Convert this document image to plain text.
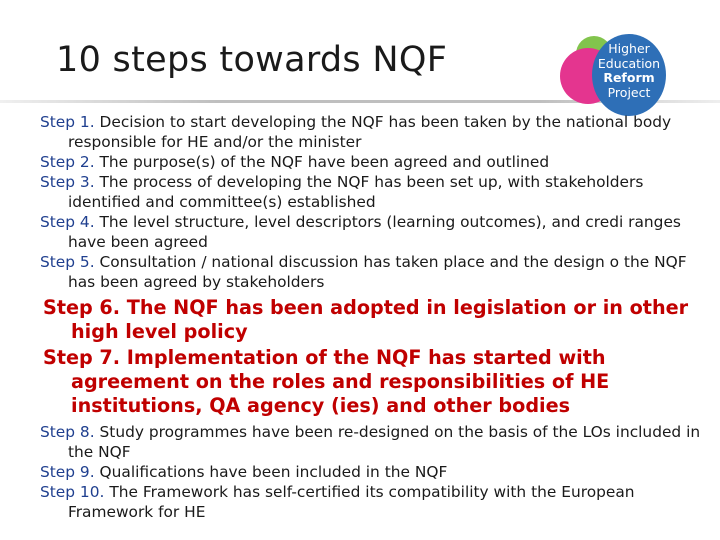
10 steps towards NQF	Higher
Education
Reform
Project

Step 1. Decision to start developing the NQF has been taken by the national body responsible for HE and/or the minister

Step 2. The purpose(s) of the NQF have been agreed and outlined

Step 3. The process of developing the NQF has been set up, with stakeholders identified and committee(s) established

Step 4. The level structure, level descriptors (learning outcomes), and credi ranges have been agreed

Step 5. Consultation / national discussion has taken place and the design o the NQF has been agreed by stakeholders

Step 6. The NQF has been adopted in legislation or in other high level policy

Step 7. Implementation of the NQF has started with agreement on the roles and responsibilities of HE institutions, QA agency (ies) and other bodies

Step 8. Study programmes have been re-designed on the basis of the LOs included in the NQF

Step 9. Qualifications have been included in the NQF

Step 10. The Framework has self-certified its compatibility with the European Framework for HE
